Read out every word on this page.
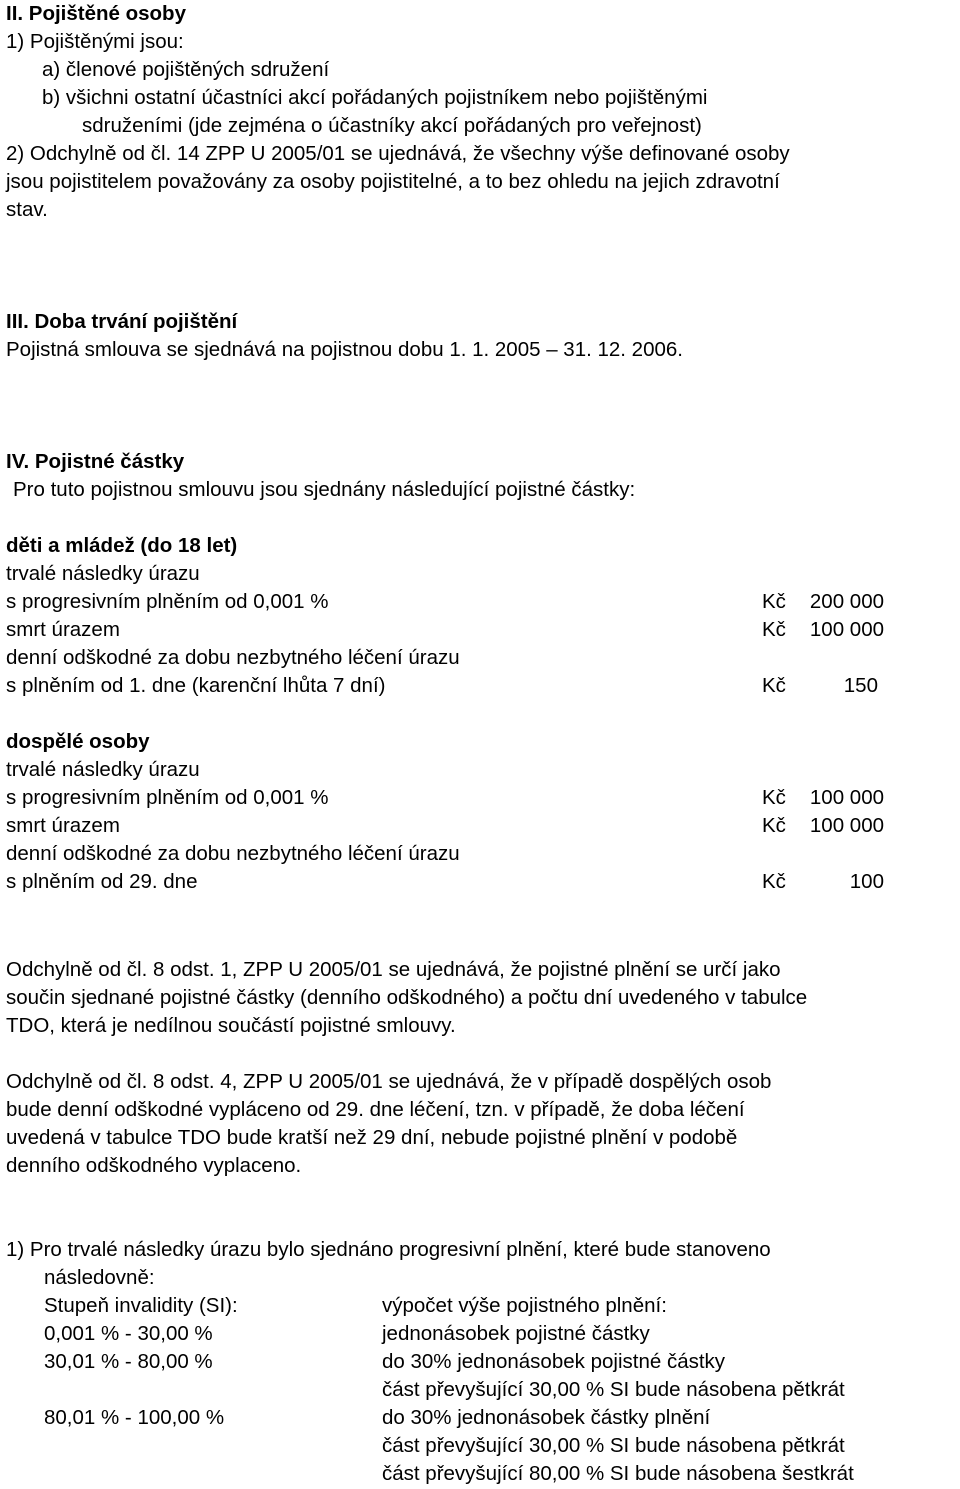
II. Pojištěné osoby
1) Pojištěnými jsou:
a) členové pojištěných sdružení
b) všichni ostatní účastníci akcí pořádaných pojistníkem nebo pojištěnými
sdruženími (jde zejména o účastníky akcí pořádaných pro veřejnost)
2) Odchylně od čl. 14 ZPP U 2005/01 se ujednává, že všechny výše definované osoby
jsou pojistitelem považovány za osoby pojistitelné, a to bez ohledu na jejich zdravotní
stav.
III. Doba trvání pojištění
Pojistná smlouva se sjednává na pojistnou dobu 1. 1. 2005 – 31. 12. 2006.
IV. Pojistné částky
Pro tuto pojistnou smlouvu jsou sjednány následující pojistné částky:
děti a mládež (do 18 let)
trvalé následky úrazu
s progresivním plněním od 0,001 %	Kč	200 000
smrt úrazem	Kč	100 000
denní odškodné za dobu nezbytného léčení úrazu
s plněním od 1. dne (karenční lhůta 7 dní)	Kč	150
dospělé osoby
trvalé následky úrazu
s progresivním plněním od 0,001 %	Kč	100 000
smrt úrazem	Kč	100 000
denní odškodné za dobu nezbytného léčení úrazu
s plněním od 29. dne	Kč	100
Odchylně od čl. 8 odst. 1, ZPP U 2005/01 se ujednává, že pojistné plnění se určí jako
součin sjednané pojistné částky (denního odškodného) a počtu dní uvedeného v tabulce
TDO, která je nedílnou součástí pojistné smlouvy.
Odchylně od čl. 8 odst. 4, ZPP U 2005/01 se ujednává, že v případě dospělých osob
bude denní odškodné vypláceno od 29. dne léčení, tzn. v případě, že doba léčení
uvedená v tabulce TDO bude kratší než 29 dní, nebude pojistné plnění v podobě
denního odškodného vyplaceno.
1) Pro trvalé následky úrazu bylo sjednáno progresivní plnění, které bude stanoveno
následovně:
Stupeň invalidity (SI):	výpočet výše pojistného plnění:
0,001 % - 30,00 %	jednonásobek pojistné částky
30,01 % - 80,00 %	do 30% jednonásobek pojistné částky
část převyšující 30,00 % SI bude násobena pětkrát
80,01 % - 100,00 %	do 30% jednonásobek částky plnění
část převyšující 30,00 % SI bude násobena pětkrát
část převyšující 80,00 % SI bude násobena šestkrát
